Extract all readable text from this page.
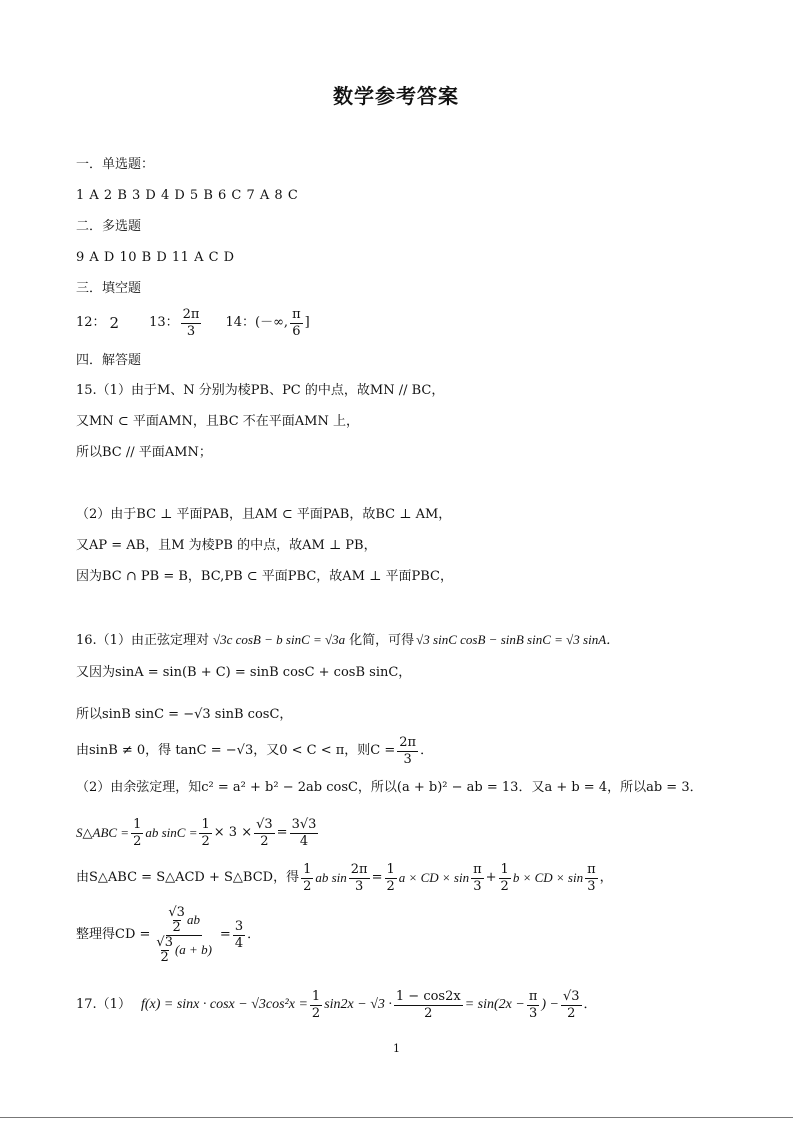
数学参考答案
一．单选题：
1 A 2 B 3 D 4 D 5 B 6 C 7 A 8 C
二．多选题
9 A D 10 B D 11 A C D
三．填空题
12： 2 13： $\frac{2\pi}{3} 14$： (－∞, $\frac{\pi}{6}$ ]
四．解答题
15.（1）由于M、N 分别为棱PB、PC 的中点，故MN // BC，
又MN ⊂ 平面AMN，且BC 不在平面AMN 上，
所以BC // 平面AMN；
（2）由于BC ⊥ 平面PAB，且AM ⊂ 平面PAB，故BC ⊥ AM，
又AP = AB，且M 为棱PB 的中点，故AM ⊥ PB，
因为BC ∩ PB = B，BC,PB ⊂ 平面PBC，故AM ⊥ 平面PBC，
16.（1）由正弦定理对 √3c cosB − b sinC = √3a 化简，可得 √3 sinC cosB − sinB sinC = √3 sinA．
又因为sinA = sin(B + C) = sinB cosC + cosB sinC，
所以sinB sinC = −√3 sinB cosC，
由sinB ≠ 0，得 tanC = −√3，又0 < C < π，则$C = \frac{2\pi}{3}$ ．
（2）由余弦定理，知c² = a² + b² − 2ab cosC，所以(a + b)² − ab = 13．又a + b = 4，所以ab = 3．
S△ABC = $\frac{1}{2}$ ab $\sin C = \frac{1}{2} \times 3 \times \frac{√3}{2} = \frac{3√3}{4}$
由S△ABC = S△ACD + S△BCD，得 $\frac{1}{2}$ ab $\sin \frac{2\pi}{3} = \frac{1}{2}$ a × CD × $\sin \frac{\pi}{3} + \frac{1}{2}$ b × CD × $\sin \frac{\pi}{3}$ ，
整理得CD = $\frac{\frac{√3}{2} ab}{\frac{√3}{2} (a + b)} = \frac{3}{4}$ ．
17.（1） $f(x) = \sin x \cdot \cos x - √3\cos^2x = \frac{1}{2} \sin 2x - √3 \cdot \frac{1 - \cos 2x}{2} = \sin(2x - \frac{\pi}{3}$ ) − $\frac{√3}{2}$ ．
1
